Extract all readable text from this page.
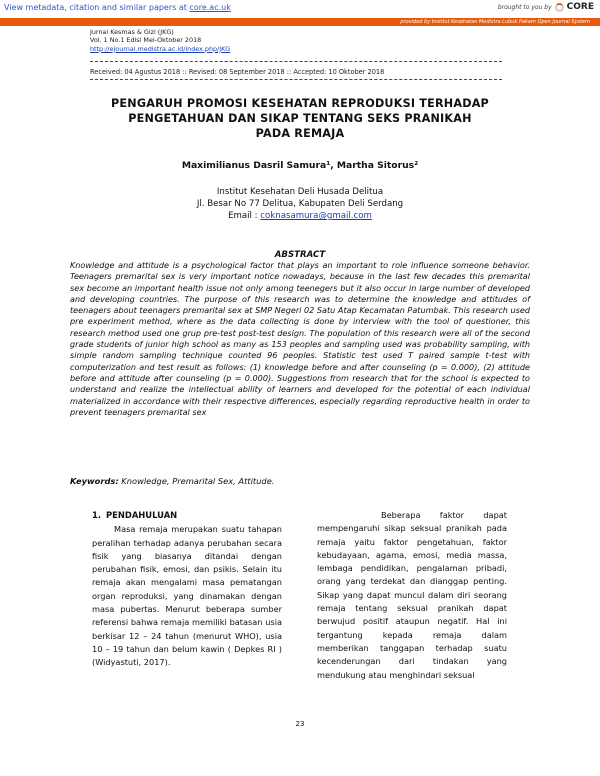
View metadata, citation and similar papers at core.ac.uk	brought to you by CORE
provided by Institut Kesehatan Medistra Lubuk Pakam Open Journal System
Jurnal Kesmas & Gizi (JKG)
Vol. 1 No.1 Edisi Mei-Oktober 2018
http://ejournal.medistra.ac.id/index.php/JKG
Received: 04 Agustus 2018 :: Revised: 08 September 2018 :: Accepted: 10 Oktober 2018
PENGARUH PROMOSI KESEHATAN REPRODUKSI TERHADAP
PENGETAHUAN DAN SIKAP TENTANG SEKS PRANIKAH
PADA REMAJA
Maximilianus Dasril Samura¹, Martha Sitorus²
Institut Kesehatan Deli Husada Delitua
Jl. Besar No 77 Delitua, Kabupaten Deli Serdang
Email : coknasamura@gmail.com
ABSTRACT
Knowledge and attitude is a psychological factor that plays an important to role influence someone behavior. Teenagers premarital sex is very important notice nowadays, because in the last few decades this premarital sex become an important health issue not only among teenegers but it also occur in large number of developed and developing countries. The purpose of this research was to determine the knowledge and attitudes of teenagers about teenagers premarital sex at SMP Negeri 02 Satu Atap Kecamatan Patumbak. This research used pre experiment method, where as the data collecting is done by interview with the tool of questioner, this research method used one grup pre-test post-test design. The population of this research were all of the second grade students of junior high school as many as 153 peoples and sampling used was probability sampling, with simple random sampling technique counted 96 peoples. Statistic test used T paired sample t-test with computerization and test result as follows: (1) knowledge before and after counseling (p = 0.000), (2) attitude before and attitude after counseling (p = 0.000). Suggestions from research that for the school is expected to understand and realize the intellectual ability of learners and developed for the potential of each individual materialized in accordance with their respective differences, especially regarding reproductive health in order to prevent teenagers premarital sex
Keywords: Knowledge, Premarital Sex, Attitude.
1. PENDAHULUAN
Masa remaja merupakan suatu tahapan peralihan terhadap adanya perubahan secara fisik yang biasanya ditandai dengan perubahan fisik, emosi, dan psikis. Selain itu remaja akan mengalami masa pematangan organ reproduksi, yang dinamakan dengan masa pubertas. Menurut beberapa sumber referensi bahwa remaja memiliki batasan usia berkisar 12 – 24 tahun (menurut WHO), usia 10 – 19 tahun dan belum kawin ( Depkes RI ) (Widyastuti, 2017).
Beberapa faktor dapat mempengaruhi sikap seksual pranikah pada remaja yaitu faktor pengetahuan, faktor kebudayaan, agama, emosi, media massa, lembaga pendidikan, pengalaman pribadi, orang yang terdekat dan dianggap penting. Sikap yang dapat muncul dalam diri seorang remaja tentang seksual pranikah dapat berwujud positif ataupun negatif. Hal ini tergantung kepada remaja dalam memberikan tanggapan terhadap suatu kecenderungan dari tindakan yang mendukung atau menghindari seksual
23
